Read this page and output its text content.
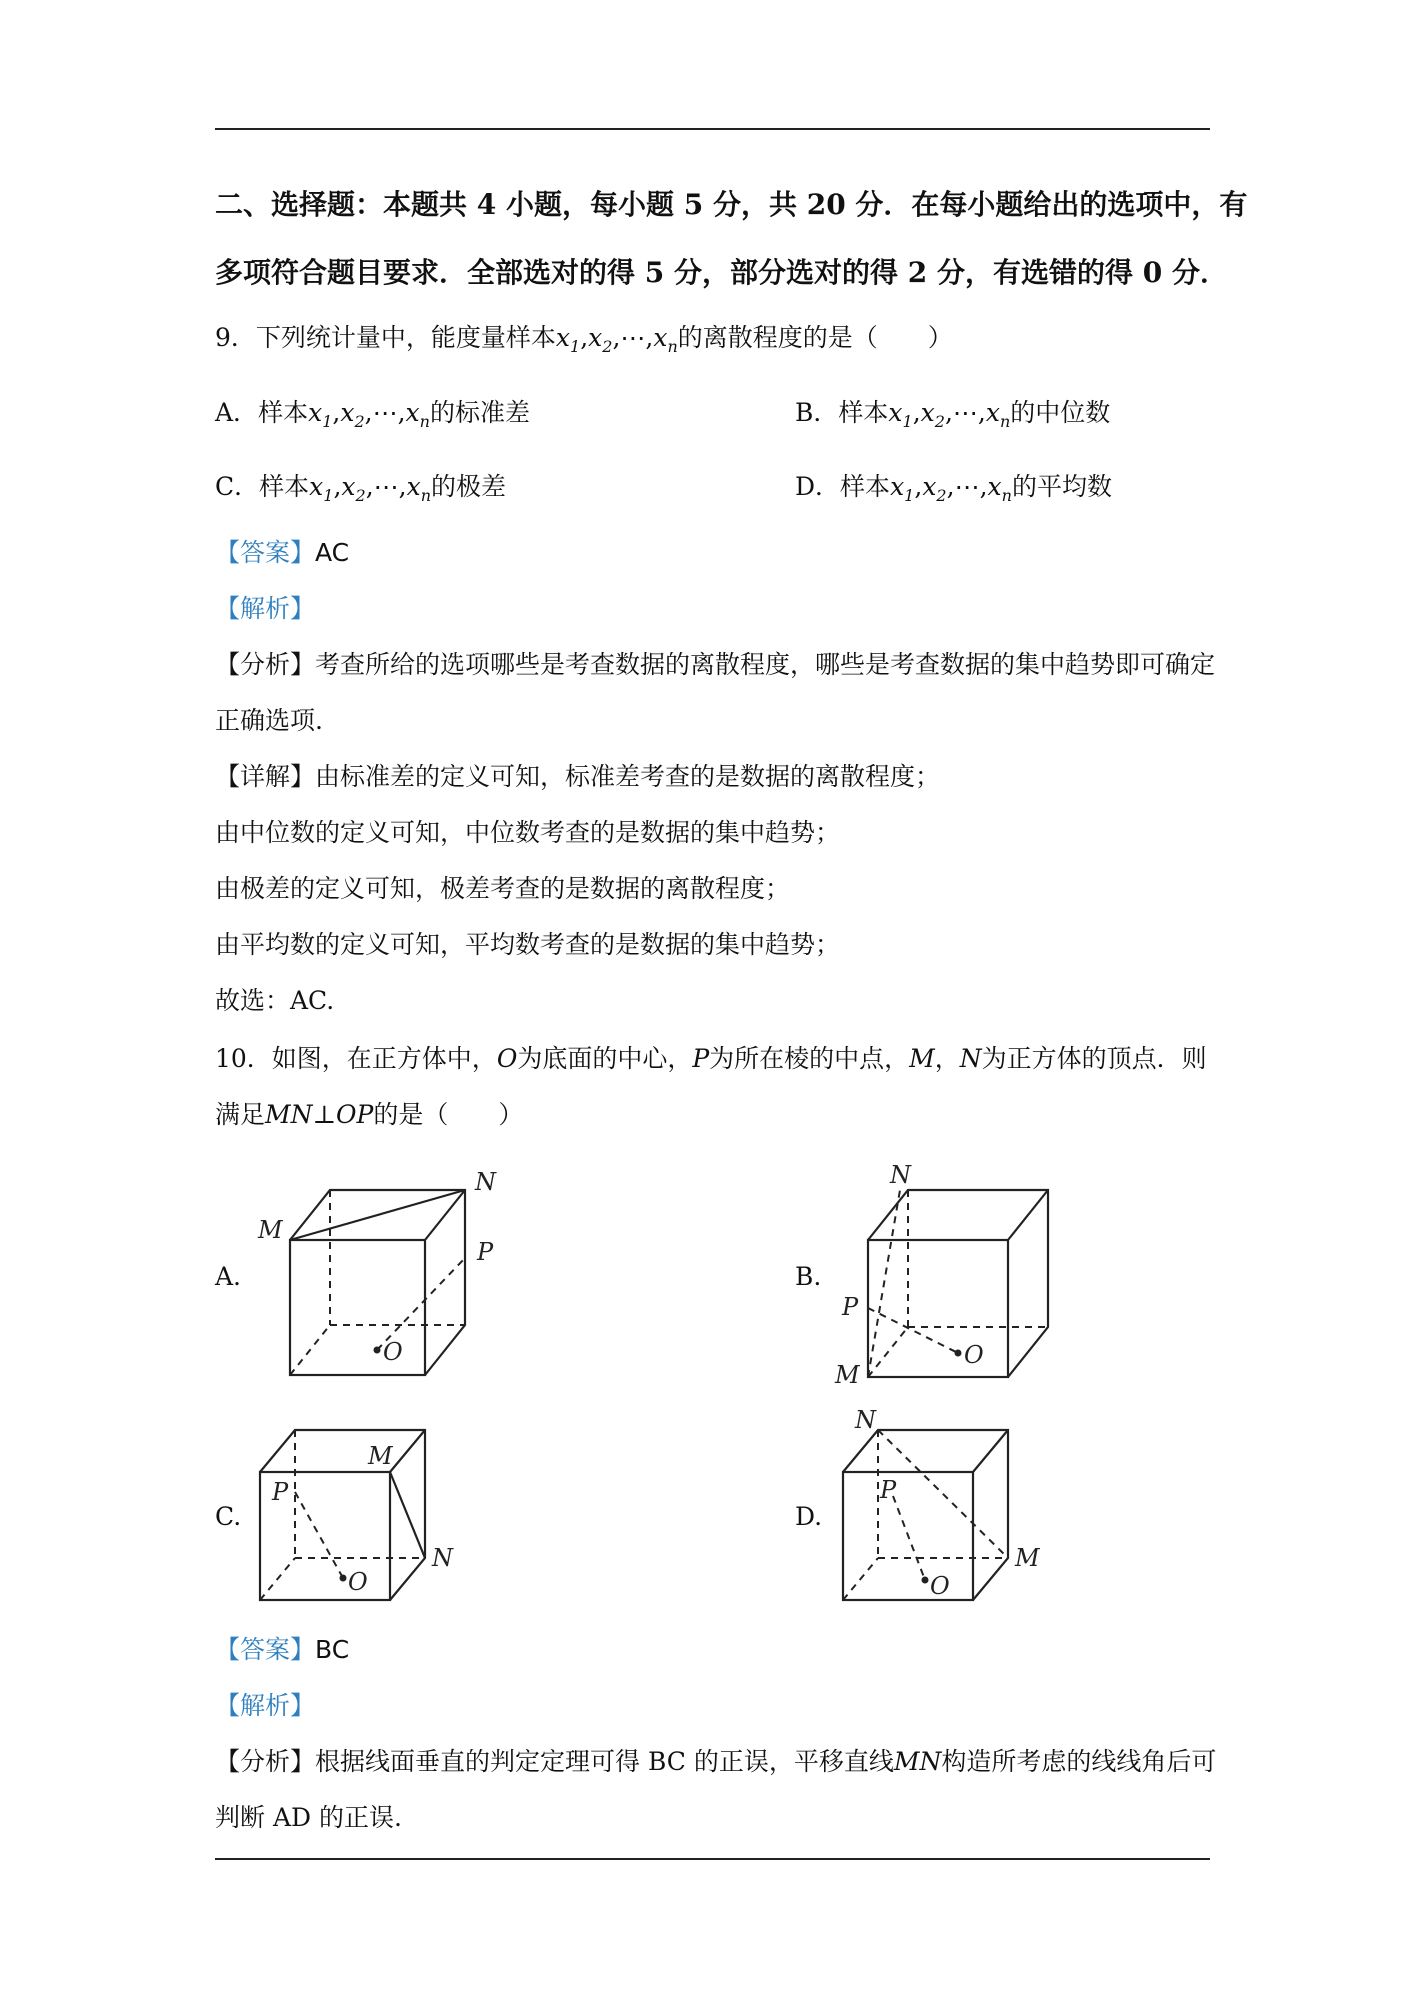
二、选择题：本题共 4 小题，每小题 5 分，共 20 分．在每小题给出的选项中，有
多项符合题目要求．全部选对的得 5 分，部分选对的得 2 分，有选错的得 0 分．
9．下列统计量中，能度量样本$x_1,x_2,\cdots,x_n$的离散程度的是（　　）
A．样本$x_1,x_2,\cdots,x_n$的标准差	B．样本$x_1,x_2,\cdots,x_n$的中位数
C．样本$x_1,x_2,\cdots,x_n$的极差	D．样本$x_1,x_2,\cdots,x_n$的平均数
【答案】AC
【解析】
【分析】考查所给的选项哪些是考查数据的离散程度，哪些是考查数据的集中趋势即可确定
正确选项.
【详解】由标准差的定义可知，标准差考查的是数据的离散程度；
由中位数的定义可知，中位数考查的是数据的集中趋势；
由极差的定义可知，极差考查的是数据的离散程度；
由平均数的定义可知，平均数考查的是数据的集中趋势；
故选：AC.
10．如图，在正方体中，O为底面的中心，P为所在棱的中点，M，N为正方体的顶点．则
满足MN⊥OP的是（　　）
A.	B.
C.	D.
M
N
P
O
N
P
M
O
M
P
N
O
N
P
M
O
【答案】BC
【解析】
【分析】根据线面垂直的判定定理可得 BC 的正误，平移直线MN构造所考虑的线线角后可
判断 AD 的正误.
